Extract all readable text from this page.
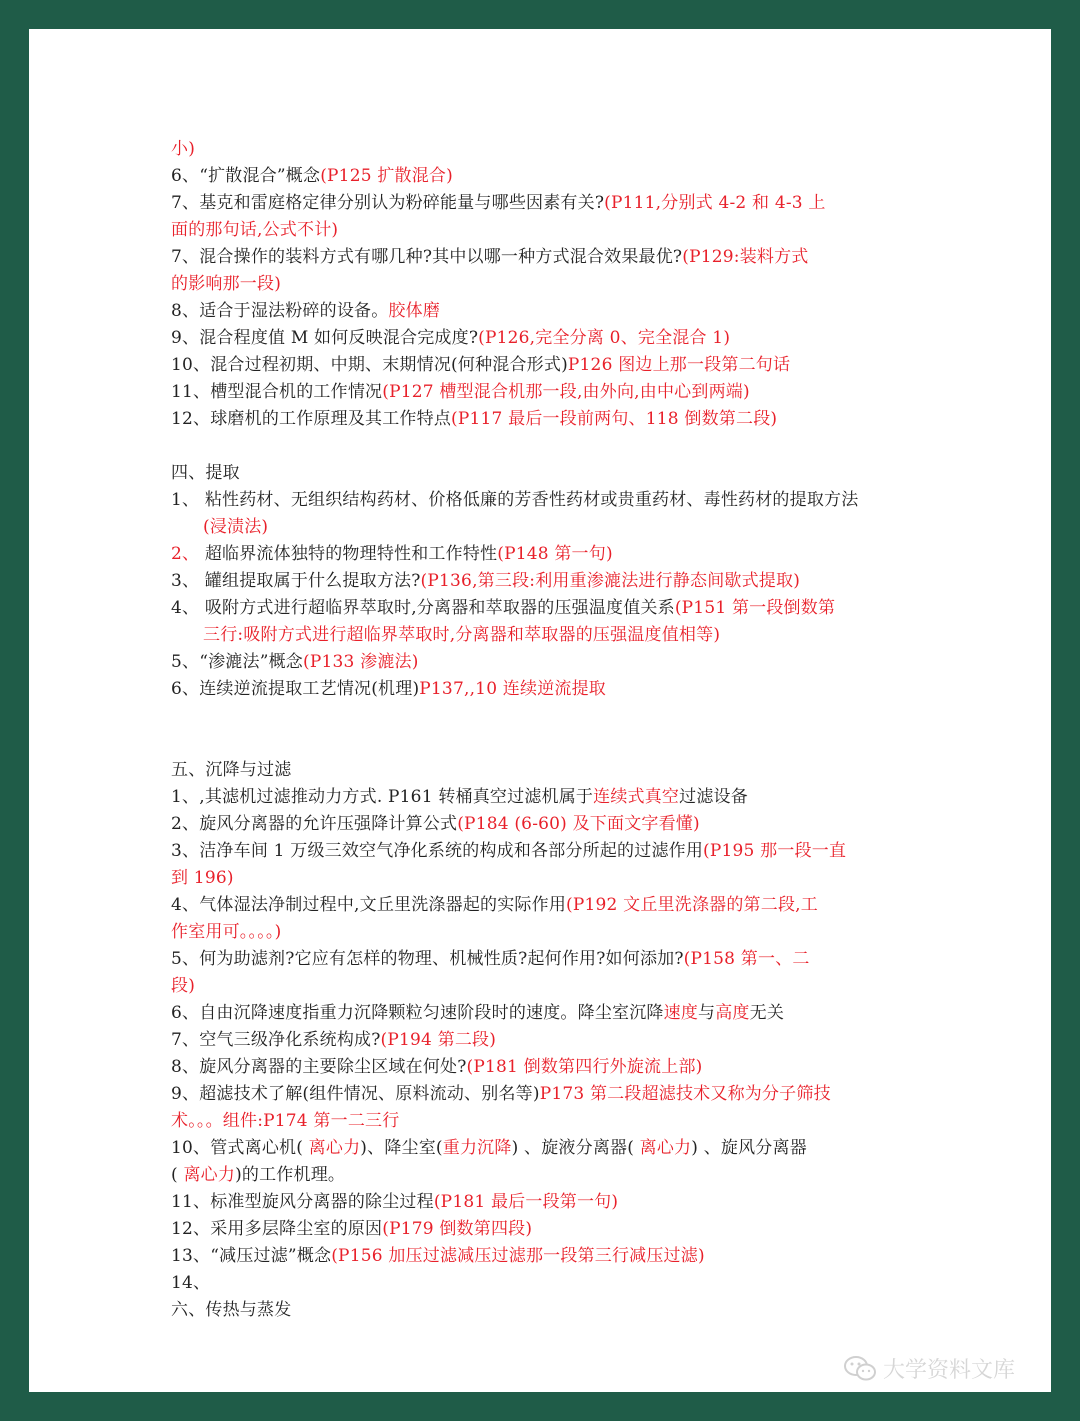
小)
6、“扩散混合”概念(P125 扩散混合)
7、基克和雷庭格定律分别认为粉碎能量与哪些因素有关?(P111,分别式 4-2 和 4-3 上
面的那句话,公式不计)
7、混合操作的装料方式有哪几种?其中以哪一种方式混合效果最优?(P129:装料方式
的影响那一段)
8、适合于湿法粉碎的设备。胶体磨
9、混合程度值 M 如何反映混合完成度?(P126,完全分离 0、完全混合 1)
10、混合过程初期、中期、末期情况(何种混合形式)P126 图边上那一段第二句话
11、槽型混合机的工作情况(P127 槽型混合机那一段,由外向,由中心到两端)
12、球磨机的工作原理及其工作特点(P117 最后一段前两句、118 倒数第二段)
四、提取
1、 粘性药材、无组织结构药材、价格低廉的芳香性药材或贵重药材、毒性药材的提取方法
(浸渍法)
2、 超临界流体独特的物理特性和工作特性(P148 第一句)
3、 罐组提取属于什么提取方法?(P136,第三段:利用重渗漉法进行静态间歇式提取)
4、 吸附方式进行超临界萃取时,分离器和萃取器的压强温度值关系(P151 第一段倒数第
三行:吸附方式进行超临界萃取时,分离器和萃取器的压强温度值相等)
5、“渗漉法”概念(P133 渗漉法)
6、连续逆流提取工艺情况(机理)P137,,10 连续逆流提取
五、沉降与过滤
1、,其滤机过滤推动力方式. P161 转桶真空过滤机属于连续式真空过滤设备
2、旋风分离器的允许压强降计算公式(P184 (6-60) 及下面文字看懂)
3、洁净车间 1 万级三效空气净化系统的构成和各部分所起的过滤作用(P195 那一段一直
到 196)
4、气体湿法净制过程中,文丘里洗涤器起的实际作用(P192 文丘里洗涤器的第二段,工
作室用可。。。。)
5、何为助滤剂?它应有怎样的物理、机械性质?起何作用?如何添加?(P158 第一、二
段)
6、自由沉降速度指重力沉降颗粒匀速阶段时的速度。降尘室沉降速度与高度无关
7、空气三级净化系统构成?(P194 第二段)
8、旋风分离器的主要除尘区域在何处?(P181 倒数第四行外旋流上部)
9、超滤技术了解(组件情况、原料流动、别名等)P173 第二段超滤技术又称为分子筛技
术。。。组件:P174 第一二三行
10、管式离心机( 离心力)、降尘室(重力沉降) 、旋液分离器( 离心力) 、旋风分离器
( 离心力)的工作机理。
11、标准型旋风分离器的除尘过程(P181 最后一段第一句)
12、采用多层降尘室的原因(P179 倒数第四段)
13、“减压过滤”概念(P156 加压过滤减压过滤那一段第三行减压过滤)
14、
六、传热与蒸发
大学资料文库
